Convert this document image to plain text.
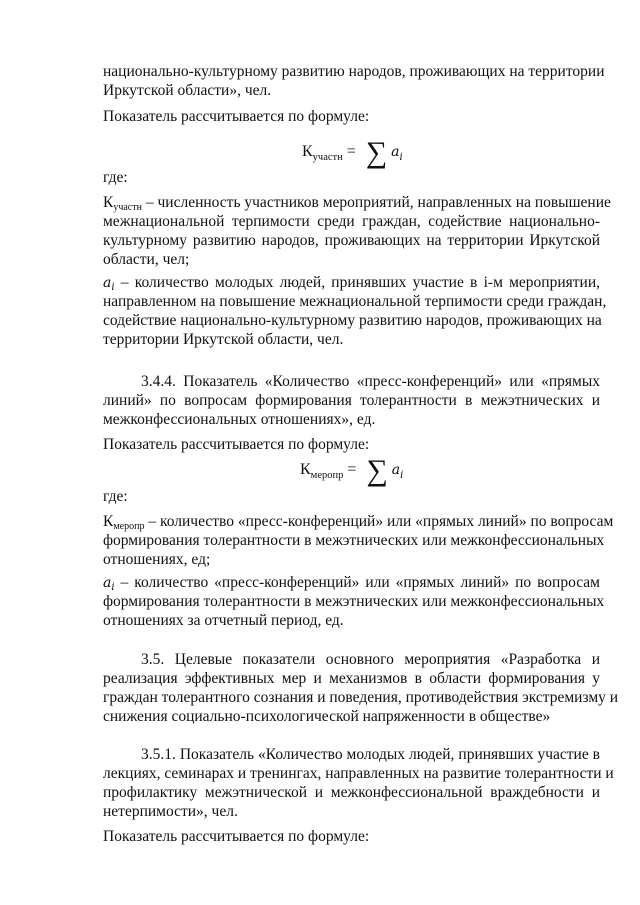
национально-культурному развитию народов, проживающих на территории
Иркутской области», чел.
Показатель рассчитывается по формуле:
$К_{участн}$ = ∑ $a_i$
где:
Кучастн – численность участников мероприятий, направленных на повышение
межнациональной терпимости среди граждан, содействие национально-
культурному развитию народов, проживающих на территории Иркутской
области, чел;
ai – количество молодых людей, принявших участие в i-м мероприятии,
направленном на повышение межнациональной терпимости среди граждан,
содействие национально-культурному развитию народов, проживающих на
территории Иркутской области, чел.
3.4.4. Показатель «Количество «пресс-конференций» или «прямых
линий» по вопросам формирования толерантности в межэтнических и
межконфессиональных отношениях», ед.
Показатель рассчитывается по формуле:
$К_{меропр}$ = ∑ $a_i$
где:
Кмеропр – количество «пресс-конференций» или «прямых линий» по вопросам
формирования толерантности в межэтнических или межконфессиональных
отношениях, ед;
ai – количество «пресс-конференций» или «прямых линий» по вопросам
формирования толерантности в межэтнических или межконфессиональных
отношениях за отчетный период, ед.
3.5. Целевые показатели основного мероприятия «Разработка и
реализация эффективных мер и механизмов в области формирования у
граждан толерантного сознания и поведения, противодействия экстремизму и
снижения социально-психологической напряженности в обществе»
3.5.1. Показатель «Количество молодых людей, принявших участие в
лекциях, семинарах и тренингах, направленных на развитие толерантности и
профилактику межэтнической и межконфессиональной враждебности и
нетерпимости», чел.
Показатель рассчитывается по формуле:
